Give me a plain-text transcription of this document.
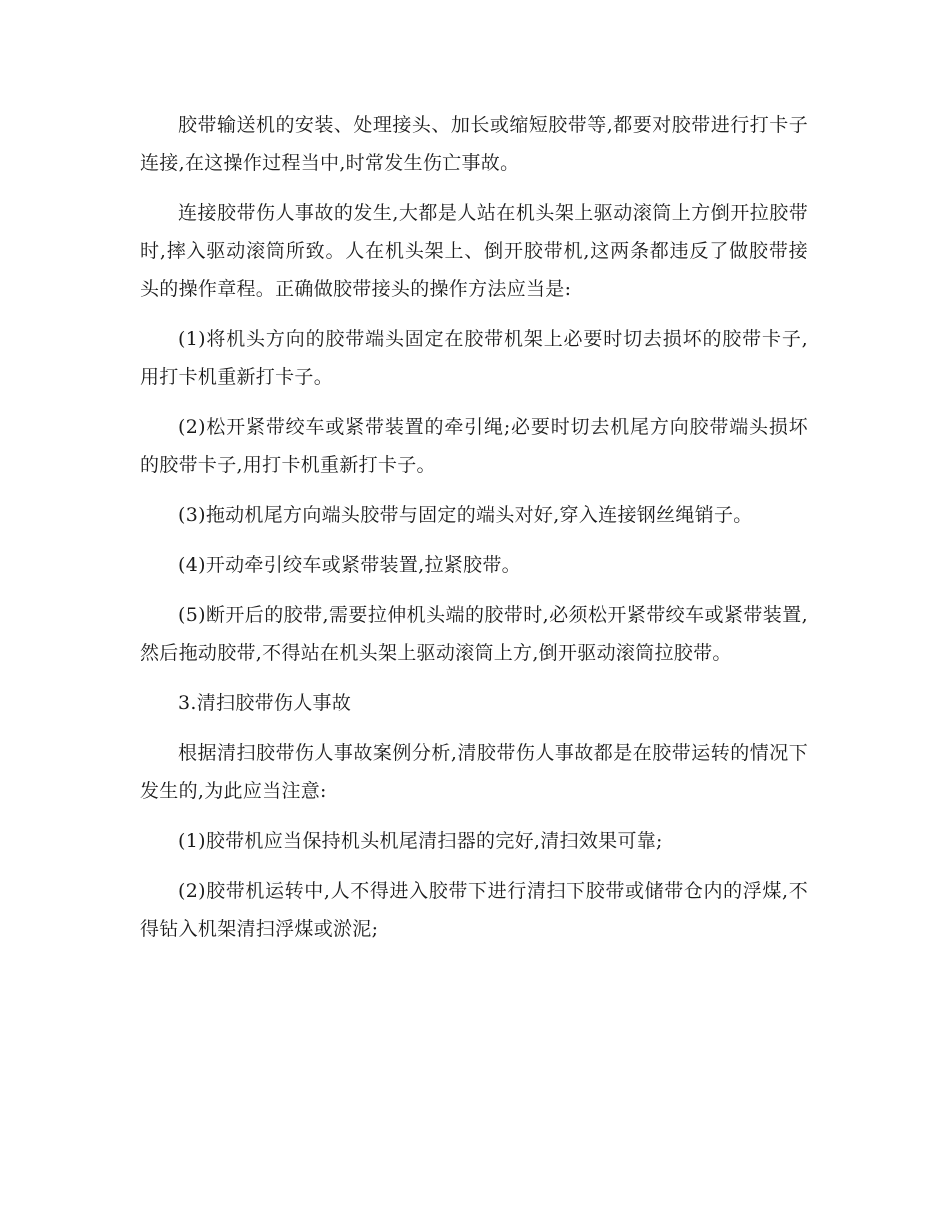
胶带输送机的安装、处理接头、加长或缩短胶带等,都要对胶带进行打卡子连接,在这操作过程当中,时常发生伤亡事故。

连接胶带伤人事故的发生,大都是人站在机头架上驱动滚筒上方倒开拉胶带时,摔入驱动滚筒所致。人在机头架上、倒开胶带机,这两条都违反了做胶带接头的操作章程。正确做胶带接头的操作方法应当是:

(1)将机头方向的胶带端头固定在胶带机架上必要时切去损坏的胶带卡子,用打卡机重新打卡子。

(2)松开紧带绞车或紧带装置的牵引绳;必要时切去机尾方向胶带端头损坏的胶带卡子,用打卡机重新打卡子。

(3)拖动机尾方向端头胶带与固定的端头对好,穿入连接钢丝绳销子。

(4)开动牵引绞车或紧带装置,拉紧胶带。

(5)断开后的胶带,需要拉伸机头端的胶带时,必须松开紧带绞车或紧带装置,然后拖动胶带,不得站在机头架上驱动滚筒上方,倒开驱动滚筒拉胶带。

3.清扫胶带伤人事故

根据清扫胶带伤人事故案例分析,清胶带伤人事故都是在胶带运转的情况下发生的,为此应当注意:

(1)胶带机应当保持机头机尾清扫器的完好,清扫效果可靠;

(2)胶带机运转中,人不得进入胶带下进行清扫下胶带或储带仓内的浮煤,不得钻入机架清扫浮煤或淤泥;
